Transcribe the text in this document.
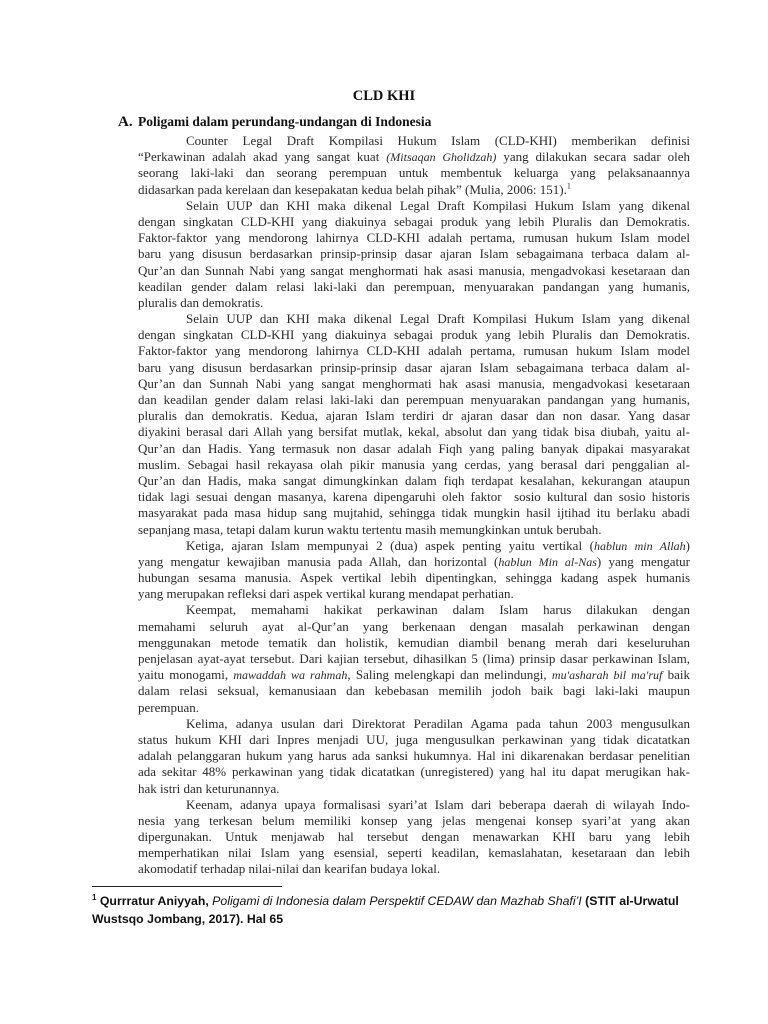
CLD KHI
A. Poligami dalam perundang-undangan di Indonesia
Counter Legal Draft Kompilasi Hukum Islam (CLD-KHI) memberikan definisi
“Perkawinan adalah akad yang sangat kuat (Mitsaqan Gholidzah) yang dilakukan secara sadar oleh
seorang laki-laki dan seorang perempuan untuk membentuk keluarga yang pelaksanaannya
didasarkan pada kerelaan dan kesepakatan kedua belah pihak” (Mulia, 2006: 151).$^1$
Selain UUP dan KHI maka dikenal Legal Draft Kompilasi Hukum Islam yang dikenal
dengan singkatan CLD-KHI yang diakuinya sebagai produk yang lebih Pluralis dan Demokratis.
Faktor-faktor yang mendorong lahirnya CLD-KHI adalah pertama, rumusan hukum Islam model
baru yang disusun berdasarkan prinsip-prinsip dasar ajaran Islam sebagaimana terbaca dalam al-
Qur’an dan Sunnah Nabi yang sangat menghormati hak asasi manusia, mengadvokasi kesetaraan dan
keadilan gender dalam relasi laki-laki dan perempuan, menyuarakan pandangan yang humanis,
pluralis dan demokratis.
Selain UUP dan KHI maka dikenal Legal Draft Kompilasi Hukum Islam yang dikenal
dengan singkatan CLD-KHI yang diakuinya sebagai produk yang lebih Pluralis dan Demokratis.
Faktor-faktor yang mendorong lahirnya CLD-KHI adalah pertama, rumusan hukum Islam model
baru yang disusun berdasarkan prinsip-prinsip dasar ajaran Islam sebagaimana terbaca dalam al-
Qur’an dan Sunnah Nabi yang sangat menghormati hak asasi manusia, mengadvokasi kesetaraan
dan keadilan gender dalam relasi laki-laki dan perempuan menyuarakan pandangan yang humanis,
pluralis dan demokratis. Kedua, ajaran Islam terdiri dr ajaran dasar dan non dasar. Yang dasar
diyakini berasal dari Allah yang bersifat mutlak, kekal, absolut dan yang tidak bisa diubah, yaitu al-
Qur’an dan Hadis. Yang termasuk non dasar adalah Fiqh yang paling banyak dipakai masyarakat
muslim. Sebagai hasil rekayasa olah pikir manusia yang cerdas, yang berasal dari penggalian al-
Qur’an dan Hadis, maka sangat dimungkinkan dalam fiqh terdapat kesalahan, kekurangan ataupun
tidak lagi sesuai dengan masanya, karena dipengaruhi oleh faktor  sosio kultural dan sosio historis
masyarakat pada masa hidup sang mujtahid, sehingga tidak mungkin hasil ijtihad itu berlaku abadi
sepanjang masa, tetapi dalam kurun waktu tertentu masih memungkinkan untuk berubah.
Ketiga, ajaran Islam mempunyai 2 (dua) aspek penting yaitu vertikal (hablun min Allah)
yang mengatur kewajiban manusia pada Allah, dan horizontal (hablun Min al-Nas) yang mengatur
hubungan sesama manusia. Aspek vertikal lebih dipentingkan, sehingga kadang aspek humanis
yang merupakan refleksi dari aspek vertikal kurang mendapat perhatian.
Keempat, memahami hakikat perkawinan dalam Islam harus dilakukan dengan
memahami seluruh ayat al-Qur’an yang berkenaan dengan masalah perkawinan dengan
menggunakan metode tematik dan holistik, kemudian diambil benang merah dari keseluruhan
penjelasan ayat-ayat tersebut. Dari kajian tersebut, dihasilkan 5 (lima) prinsip dasar perkawinan Islam,
yaitu monogami, mawaddah wa rahmah, Saling melengkapi dan melindungi, mu'asharah bil ma'ruf baik
dalam relasi seksual, kemanusiaan dan kebebasan memilih jodoh baik bagi laki-laki maupun
perempuan.
Kelima, adanya usulan dari Direktorat Peradilan Agama pada tahun 2003 mengusulkan
status hukum KHI dari Inpres menjadi UU, juga mengusulkan perkawinan yang tidak dicatatkan
adalah pelanggaran hukum yang harus ada sanksi hukumnya. Hal ini dikarenakan berdasar penelitian
ada sekitar 48% perkawinan yang tidak dicatatkan (unregistered) yang hal itu dapat merugikan hak-
hak istri dan keturunannya.
Keenam, adanya upaya formalisasi syari’at Islam dari beberapa daerah di wilayah Indo-
nesia yang terkesan belum memiliki konsep yang jelas mengenai konsep syari’at yang akan
dipergunakan. Untuk menjawab hal tersebut dengan menawarkan KHI baru yang lebih
memperhatikan nilai Islam yang esensial, seperti keadilan, kemaslahatan, kesetaraan dan lebih
akomodatif terhadap nilai-nilai dan kearifan budaya lokal.
$^1$ Qurrratur Aniyyah, Poligami di Indonesia dalam Perspektif CEDAW dan Mazhab Shafi’I (STIT al-Urwatul
Wustsqo Jombang, 2017). Hal 65
